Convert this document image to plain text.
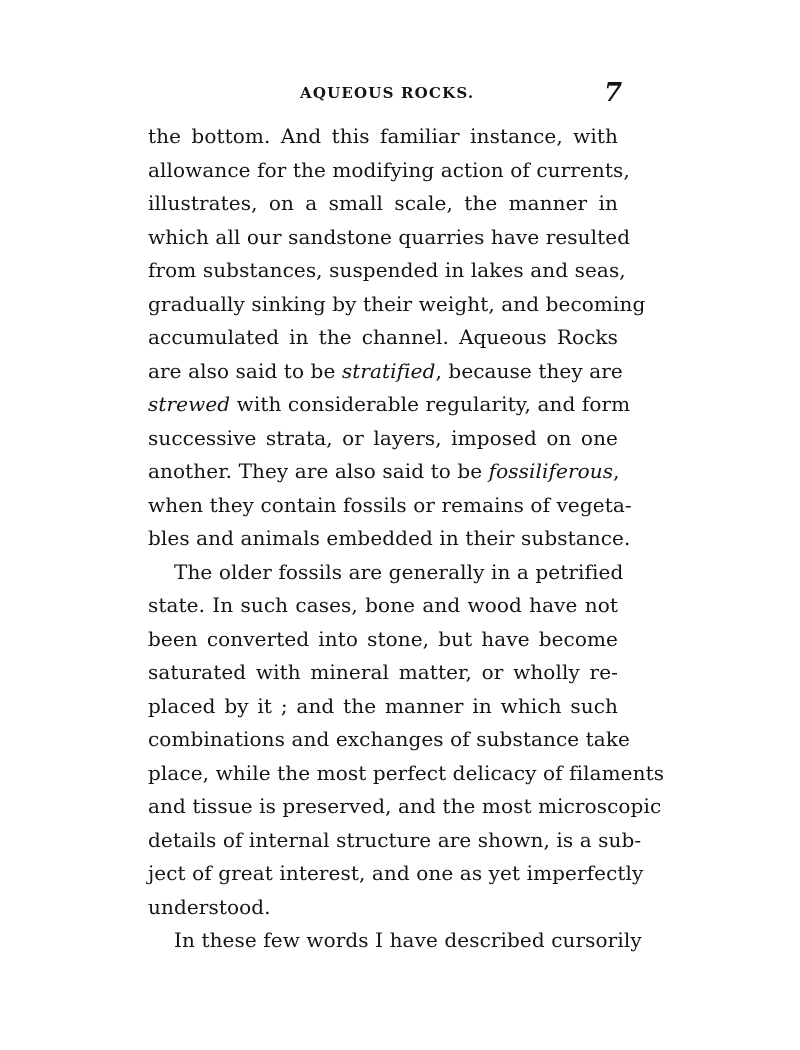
AQUEOUS ROCKS.	7
the bottom. And this familiar instance, with
allowance for the modifying action of currents,
illustrates, on a small scale, the manner in
which all our sandstone quarries have resulted
from substances, suspended in lakes and seas,
gradually sinking by their weight, and becoming
accumulated in the channel. Aqueous Rocks
are also said to be stratified, because they are
strewed with considerable regularity, and form
successive strata, or layers, imposed on one
another. They are also said to be fossiliferous,
when they contain fossils or remains of vegeta-
bles and animals embedded in their substance.
The older fossils are generally in a petrified
state. In such cases, bone and wood have not
been converted into stone, but have become
saturated with mineral matter, or wholly re-
placed by it ; and the manner in which such
combinations and exchanges of substance take
place, while the most perfect delicacy of filaments
and tissue is preserved, and the most microscopic
details of internal structure are shown, is a sub-
ject of great interest, and one as yet imperfectly
understood.
In these few words I have described cursorily
